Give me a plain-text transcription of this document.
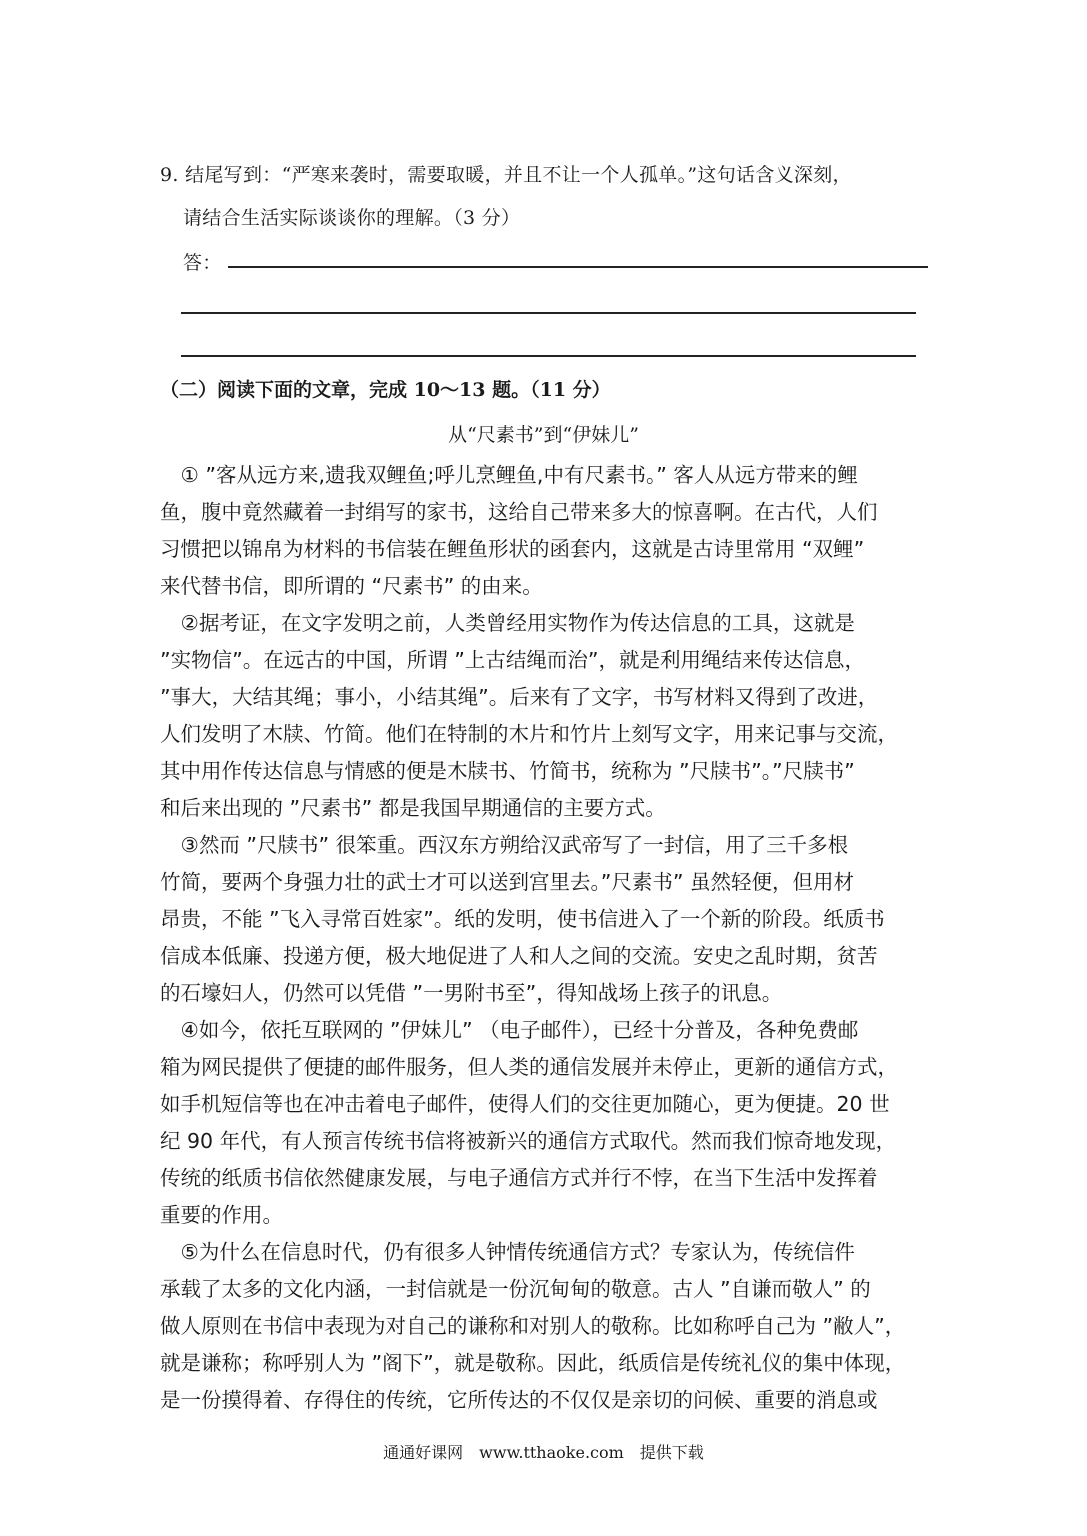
9. 结尾写到：“严寒来袭时，需要取暖，并且不让一个人孤单。”这句话含义深刻，
请结合生活实际谈谈你的理解。（3 分）
答：
（二）阅读下面的文章，完成 10～13 题。（11 分）
从“尺素书”到“伊妹儿”
　① ”客从远方来,遗我双鲤鱼;呼儿烹鲤鱼,中有尺素书。” 客人从远方带来的鲤
鱼，腹中竟然藏着一封绢写的家书，这给自己带来多大的惊喜啊。在古代，人们
习惯把以锦帛为材料的书信装在鲤鱼形状的函套内，这就是古诗里常用 “双鲤”
来代替书信，即所谓的 “尺素书” 的由来。
　②据考证，在文字发明之前，人类曾经用实物作为传达信息的工具，这就是
”实物信”。在远古的中国，所谓 ”上古结绳而治”，就是利用绳结来传达信息，
”事大，大结其绳；事小，小结其绳”。后来有了文字，书写材料又得到了改进，
人们发明了木牍、竹简。他们在特制的木片和竹片上刻写文字，用来记事与交流，
其中用作传达信息与情感的便是木牍书、竹简书，统称为 ”尺牍书”。”尺牍书”
和后来出现的 ”尺素书” 都是我国早期通信的主要方式。
　③然而 ”尺牍书” 很笨重。西汉东方朔给汉武帝写了一封信，用了三千多根
竹简，要两个身强力壮的武士才可以送到宫里去。”尺素书” 虽然轻便，但用材
昂贵，不能 ”飞入寻常百姓家”。纸的发明，使书信进入了一个新的阶段。纸质书
信成本低廉、投递方便，极大地促进了人和人之间的交流。安史之乱时期，贫苦
的石壕妇人，仍然可以凭借 ”一男附书至”，得知战场上孩子的讯息。
　④如今，依托互联网的 ”伊妹儿” （电子邮件），已经十分普及，各种免费邮
箱为网民提供了便捷的邮件服务，但人类的通信发展并未停止，更新的通信方式，
如手机短信等也在冲击着电子邮件，使得人们的交往更加随心，更为便捷。20 世
纪 90 年代，有人预言传统书信将被新兴的通信方式取代。然而我们惊奇地发现，
传统的纸质书信依然健康发展，与电子通信方式并行不悖，在当下生活中发挥着
重要的作用。
　⑤为什么在信息时代，仍有很多人钟情传统通信方式？专家认为，传统信件
承载了太多的文化内涵，一封信就是一份沉甸甸的敬意。古人 ”自谦而敬人” 的
做人原则在书信中表现为对自己的谦称和对别人的敬称。比如称呼自己为 ”敝人”，
就是谦称；称呼别人为 ”阁下”，就是敬称。因此，纸质信是传统礼仪的集中体现，
是一份摸得着、存得住的传统，它所传达的不仅仅是亲切的问候、重要的消息或
通通好课网　www.tthaoke.com　提供下载
